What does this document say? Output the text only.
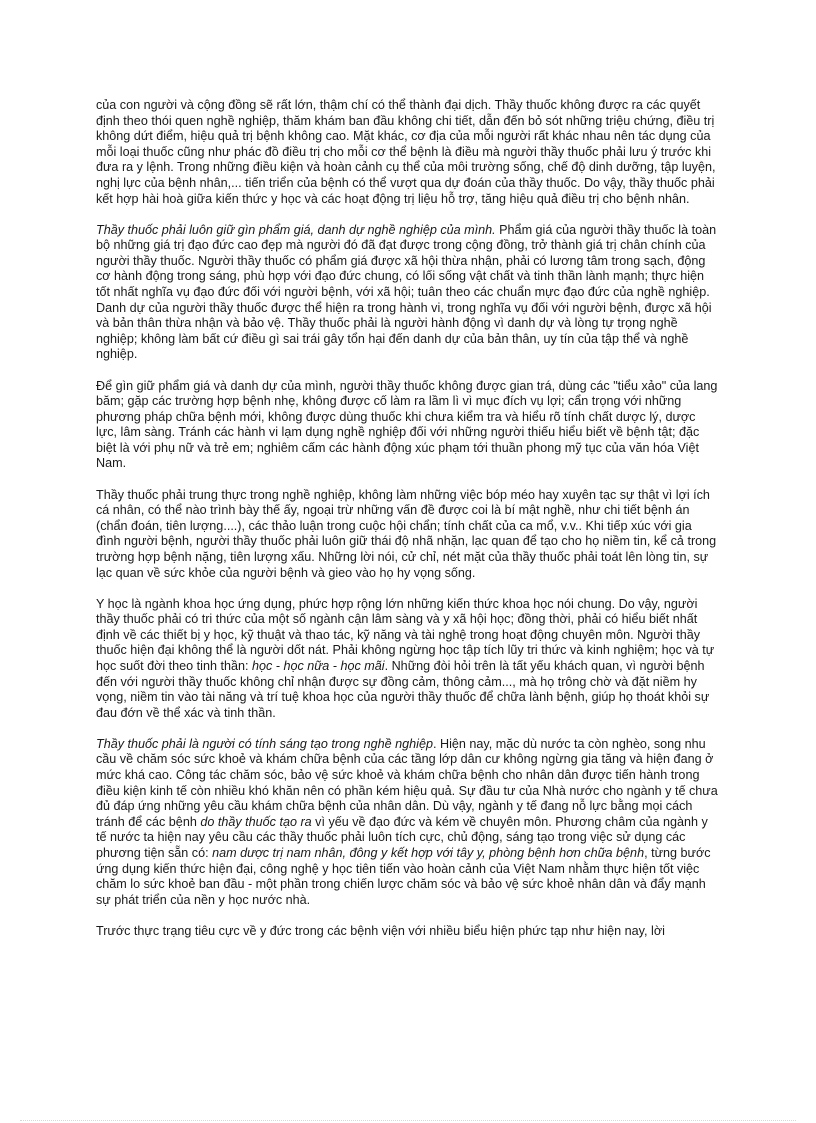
của con người và cộng đồng sẽ rất lớn, thậm chí có thể thành đại dịch. Thầy thuốc không được ra các quyết định theo thói quen nghề nghiệp, thăm khám ban đầu không chi tiết, dẫn đến bỏ sót những triệu chứng, điều trị không dứt điểm, hiệu quả trị bệnh không cao. Mặt khác, cơ địa của mỗi người rất khác nhau nên tác dụng của mỗi loại thuốc cũng như phác đồ điều trị cho mỗi cơ thể bệnh là điều mà người thầy thuốc phải lưu ý trước khi đưa ra y lệnh. Trong những điều kiện và hoàn cảnh cụ thể của môi trường sống, chế độ dinh dưỡng, tập luyện, nghị lực của bệnh nhân,... tiến triển của bệnh có thể vượt qua dự đoán của thầy thuốc. Do vậy, thầy thuốc phải kết hợp hài hoà giữa kiến thức y học và các hoạt động trị liệu hỗ trợ, tăng hiệu quả điều trị cho bệnh nhân.

Thầy thuốc phải luôn giữ gìn phẩm giá, danh dự nghề nghiệp của mình. Phẩm giá của người thầy thuốc là toàn bộ những giá trị đạo đức cao đẹp mà người đó đã đạt được trong cộng đồng, trở thành giá trị chân chính của người thầy thuốc. Người thầy thuốc có phẩm giá được xã hội thừa nhận, phải có lương tâm trong sạch, động cơ hành động trong sáng, phù hợp với đạo đức chung, có lối sống vật chất và tinh thần lành mạnh; thực hiện tốt nhất nghĩa vụ đạo đức đối với người bệnh, với xã hội; tuân theo các chuẩn mực đạo đức của nghề nghiệp.

Danh dự của người thầy thuốc được thể hiện ra trong hành vi, trong nghĩa vụ đối với người bệnh, được xã hội và bản thân thừa nhận và bảo vệ. Thầy thuốc phải là người hành động vì danh dự và lòng tự trọng nghề nghiệp; không làm bất cứ điều gì sai trái gây tổn hại đến danh dự của bản thân, uy tín của tập thể và nghề nghiệp.

Để gìn giữ phẩm giá và danh dự của mình, người thầy thuốc không được gian trá, dùng các "tiểu xảo" của lang băm; gặp các trường hợp bệnh nhẹ, không được cố làm ra lầm lì vì mục đích vụ lợi; cẩn trọng với những phương pháp chữa bệnh mới, không được dùng thuốc khi chưa kiểm tra và hiểu rõ tính chất dược lý, dược lực, lâm sàng. Tránh các hành vi lạm dụng nghề nghiệp đối với những người thiếu hiểu biết về bệnh tật; đặc biệt là với phụ nữ và trẻ em; nghiêm cấm các hành động xúc phạm tới thuần phong mỹ tục của văn hóa Việt Nam.

Thầy thuốc phải trung thực trong nghề nghiệp, không làm những việc bóp méo hay xuyên tạc sự thật vì lợi ích cá nhân, có thể nào trình bày thế ấy, ngoại trừ những vấn đề được coi là bí mật nghề, như chi tiết bệnh án (chẩn đoán, tiên lượng....), các thảo luận trong cuộc hội chẩn; tính chất của ca mổ, v.v.. Khi tiếp xúc với gia đình người bệnh, người thầy thuốc phải luôn giữ thái độ nhã nhặn, lạc quan để tạo cho họ niềm tin, kể cả trong trường hợp bệnh nặng, tiên lượng xấu. Những lời nói, cử chỉ, nét mặt của thầy thuốc phải toát lên lòng tin, sự lạc quan về sức khỏe của người bệnh và gieo vào họ hy vọng sống.

Y học là ngành khoa học ứng dụng, phức hợp rộng lớn những kiến thức khoa học nói chung. Do vậy, người thầy thuốc phải có tri thức của một số ngành cận lâm sàng và y xã hội học; đồng thời, phải có hiểu biết nhất định về các thiết bị y học, kỹ thuật và thao tác, kỹ năng và tài nghệ trong hoạt động chuyên môn. Người thầy thuốc hiện đại không thể là người dốt nát. Phải không ngừng học tập tích lũy tri thức và kinh nghiệm; học và tự học suốt đời theo tinh thần: học - học nữa - học mãi. Những đòi hỏi trên là tất yếu khách quan, vì người bệnh đến với người thầy thuốc không chỉ nhận được sự đồng cảm, thông cảm..., mà họ trông chờ và đặt niềm hy vọng, niềm tin vào tài năng và trí tuệ khoa học của người thầy thuốc để chữa lành bệnh, giúp họ thoát khỏi sự đau đớn về thể xác và tinh thần.

Thầy thuốc phải là người có tính sáng tạo trong nghề nghiệp. Hiện nay, mặc dù nước ta còn nghèo, song nhu cầu về chăm sóc sức khoẻ và khám chữa bệnh của các tầng lớp dân cư không ngừng gia tăng và hiện đang ở mức khá cao. Công tác chăm sóc, bảo vệ sức khoẻ và khám chữa bệnh cho nhân dân được tiến hành trong điều kiện kinh tế còn nhiều khó khăn nên có phần kém hiệu quả. Sự đầu tư của Nhà nước cho ngành y tế chưa đủ đáp ứng những yêu cầu khám chữa bệnh của nhân dân. Dù vậy, ngành y tế đang nỗ lực bằng mọi cách tránh để các bệnh do thầy thuốc tạo ra vì yếu về đạo đức và kém về chuyên môn. Phương châm của ngành y tế nước ta hiện nay yêu cầu các thầy thuốc phải luôn tích cực, chủ động, sáng tạo trong việc sử dụng các phương tiện sẵn có: nam dược trị nam nhân, đông y kết hợp với tây y, phòng bệnh hơn chữa bệnh, từng bước ứng dụng kiến thức hiện đại, công nghệ y học tiên tiến vào hoàn cảnh của Việt Nam nhằm thực hiện tốt việc chăm lo sức khoẻ ban đầu - một phần trong chiến lược chăm sóc và bảo vệ sức khoẻ nhân dân và đẩy mạnh sự phát triển của nền y học nước nhà.

Trước thực trạng tiêu cực về y đức trong các bệnh viện với nhiều biểu hiện phức tạp như hiện nay, lời
